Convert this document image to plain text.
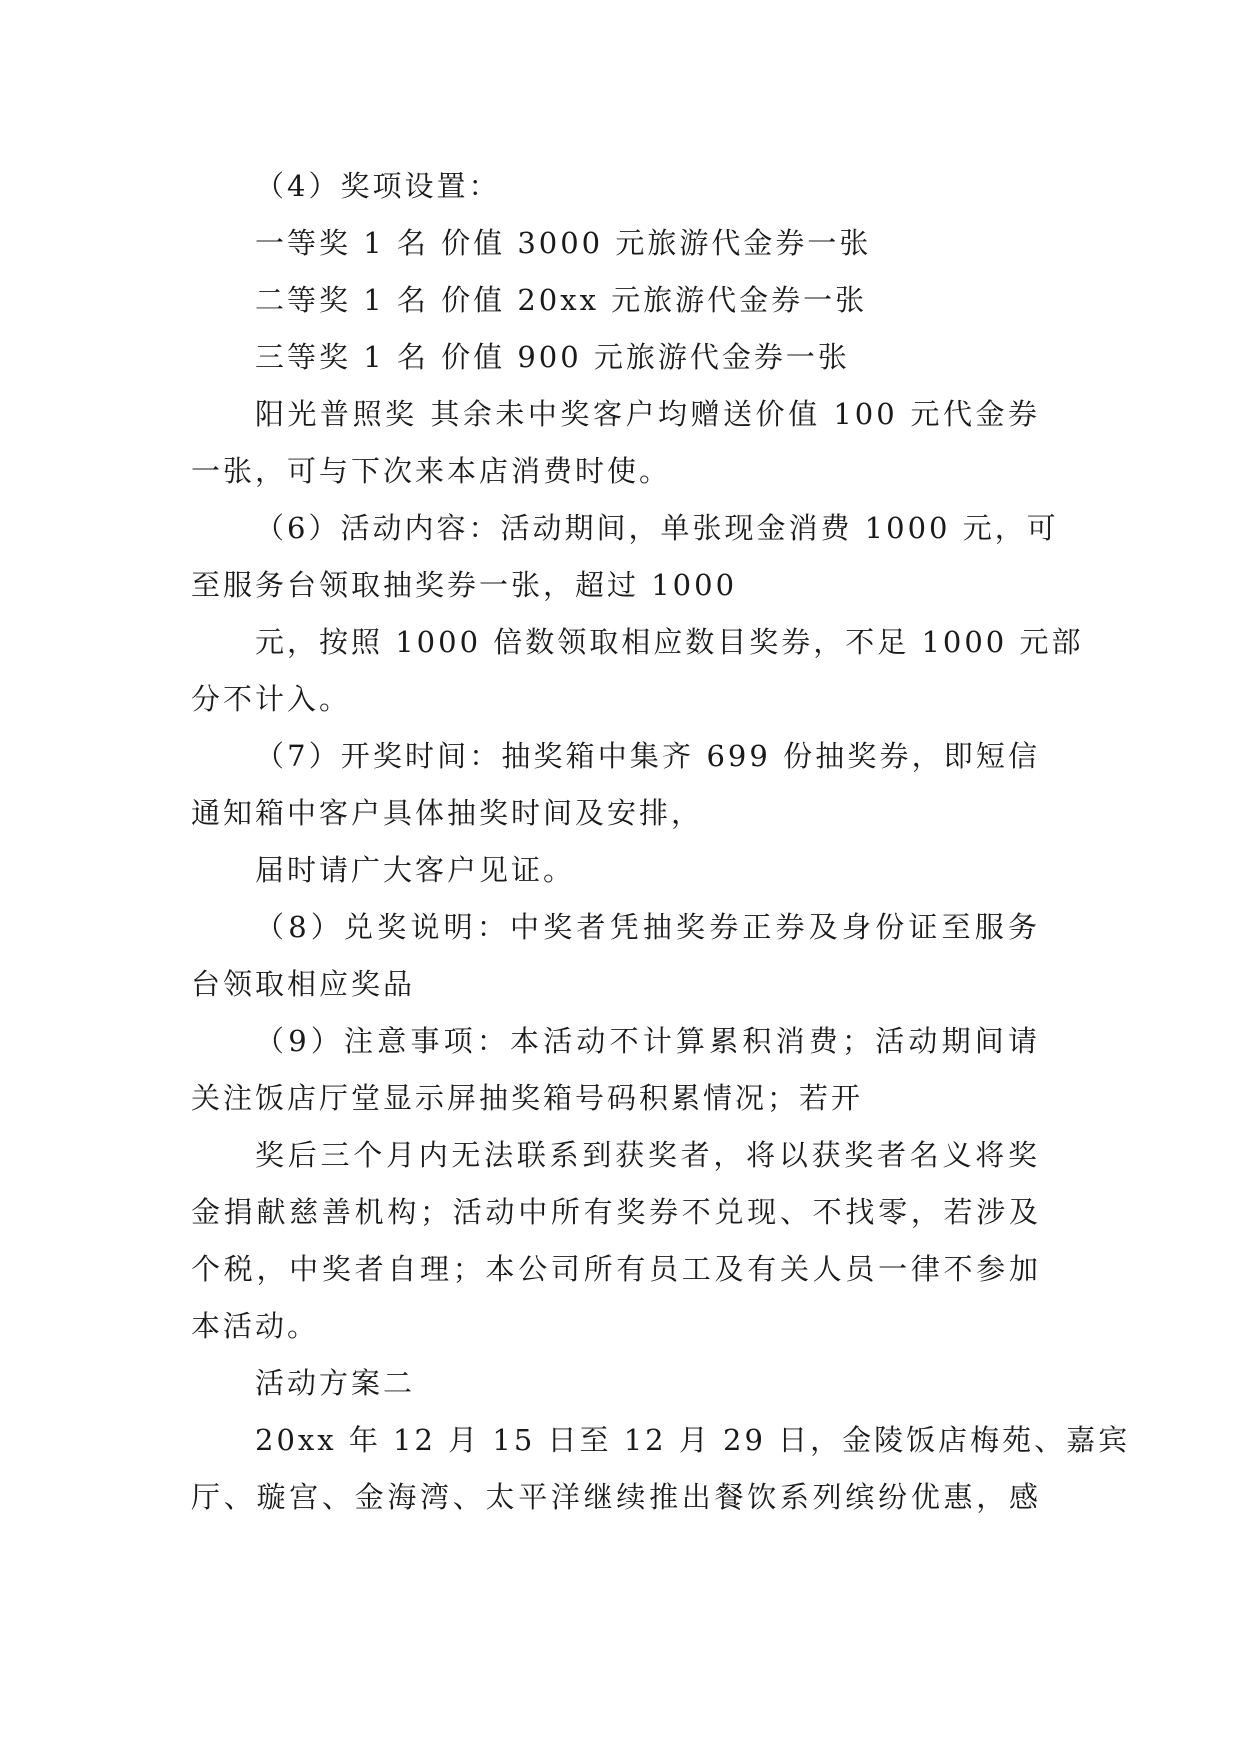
（4）奖项设置：
一等奖 1 名 价值 3000 元旅游代金券一张
二等奖 1 名 价值 20xx 元旅游代金券一张
三等奖 1 名 价值 900 元旅游代金券一张
阳光普照奖 其余未中奖客户均赠送价值 100 元代金券
一张，可与下次来本店消费时使。
（6）活动内容：活动期间，单张现金消费 1000 元，可
至服务台领取抽奖券一张，超过 1000
元，按照 1000 倍数领取相应数目奖券，不足 1000 元部
分不计入。
（7）开奖时间：抽奖箱中集齐 699 份抽奖券，即短信
通知箱中客户具体抽奖时间及安排，
届时请广大客户见证。
（8）兑奖说明：中奖者凭抽奖券正券及身份证至服务
台领取相应奖品
（9）注意事项：本活动不计算累积消费；活动期间请
关注饭店厅堂显示屏抽奖箱号码积累情况；若开
奖后三个月内无法联系到获奖者，将以获奖者名义将奖
金捐献慈善机构；活动中所有奖券不兑现、不找零，若涉及
个税，中奖者自理；本公司所有员工及有关人员一律不参加
本活动。
活动方案二
20xx 年 12 月 15 日至 12 月 29 日，金陵饭店梅苑、嘉宾
厅、璇宫、金海湾、太平洋继续推出餐饮系列缤纷优惠，感
